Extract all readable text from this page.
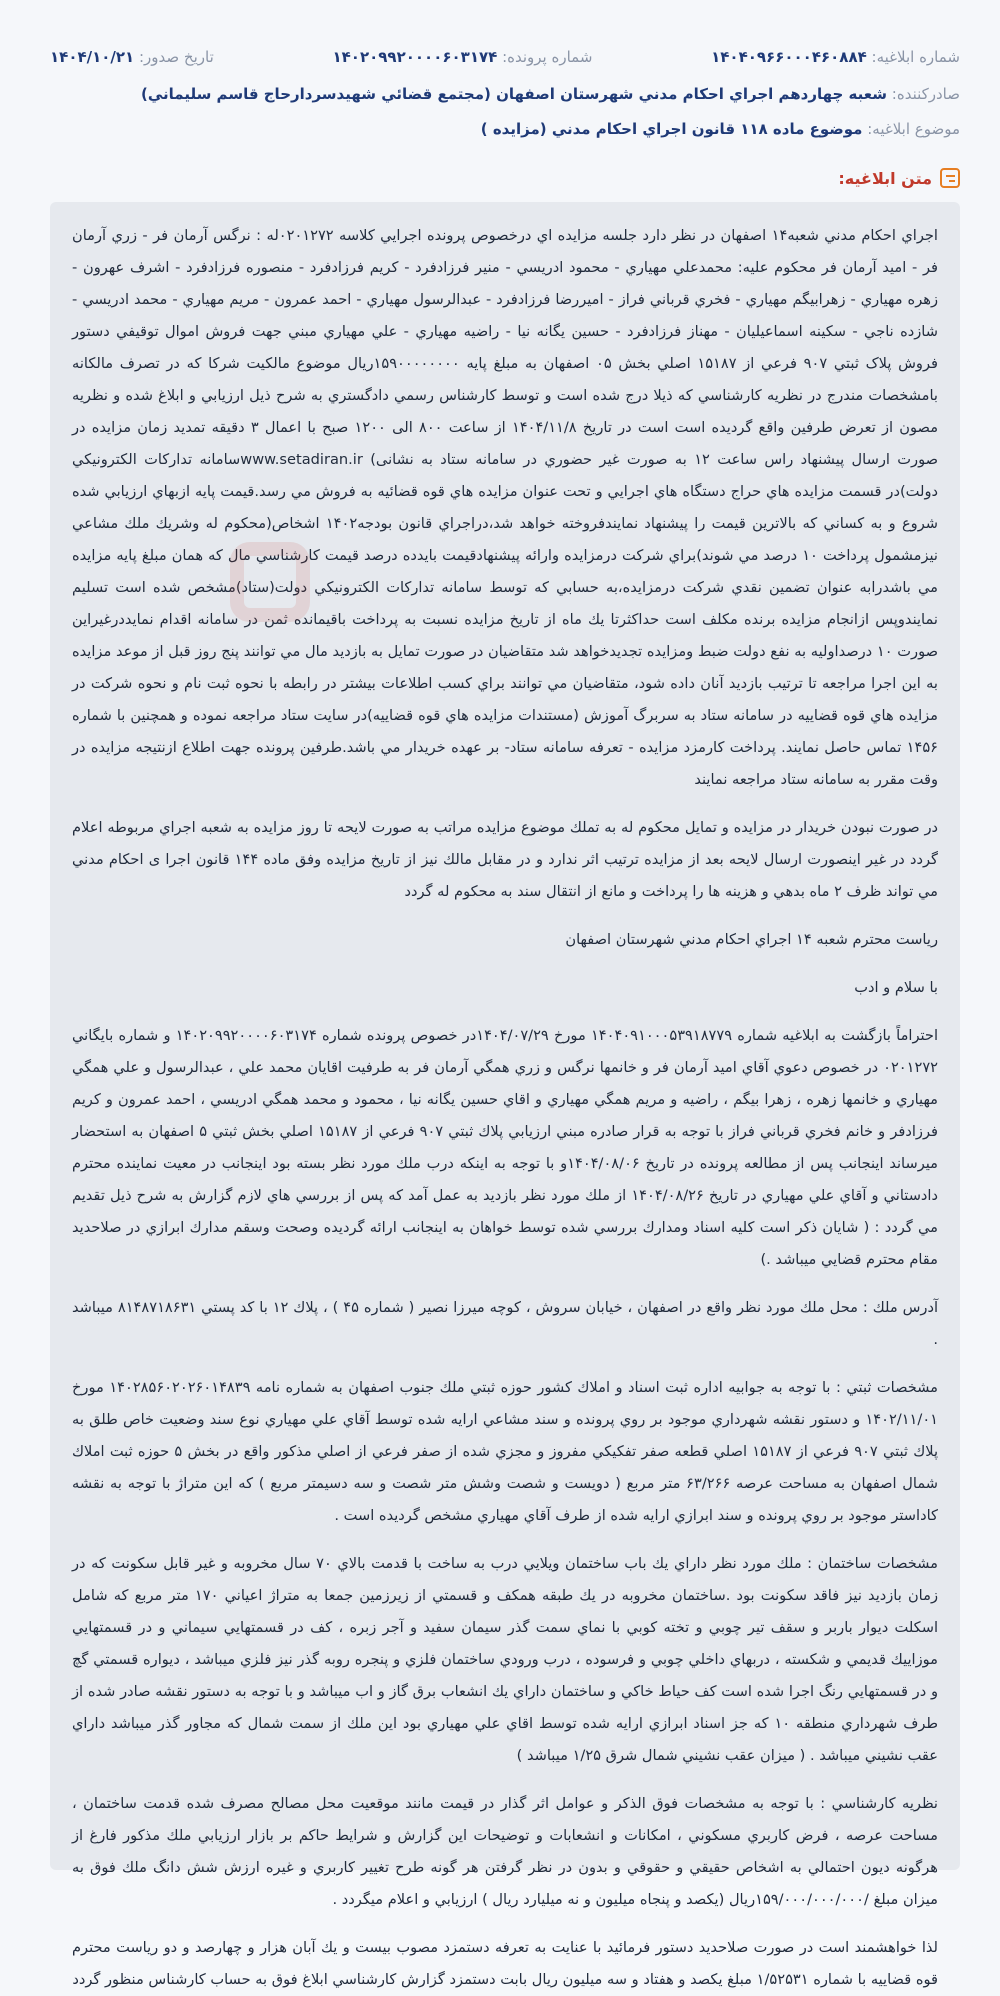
شماره ابلاغیه: ۱۴۰۴۰۹۶۶۰۰۰۴۶۰۸۸۴
شماره پرونده: ۱۴۰۲۰۹۹۲۰۰۰۰۶۰۳۱۷۴
تاریخ صدور: ۱۴۰۴/۱۰/۲۱
صادرکننده: شعبه چهاردهم اجراي احكام مدني شهرستان اصفهان (مجتمع قضائي شهيدسردارحاج قاسم سليماني)
موضوع ابلاغیه: موضوع ماده ۱۱۸ قانون اجراي احكام مدني (مزايده )
متن ابلاغیه:

اجراي احكام مدني شعبه۱۴ اصفهان در نظر دارد جلسه مزايده اي درخصوص پرونده اجرايي كلاسه ۰۲۰۱۲۷۲له : نرگس آرمان فر - زري آرمان فر - اميد آرمان فر محكوم عليه: محمدعلي مهياري - محمود ادريسي - منير فرزادفرد - كريم فرزادفرد - منصوره فرزادفرد - اشرف عهرون - زهره مهياري - زهرابيگم مهياري - فخري قرباني فراز - اميررضا فرزادفرد - عبدالرسول مهياري - احمد عمرون - مريم مهياري - محمد ادريسي - شازده ناجي - سكينه اسماعيليان - مهناز فرزادفرد - حسين يگانه نيا - راضيه مهياري - علي مهياري مبني جهت فروش اموال توقيفي دستور فروش پلاک ثبتي ۹۰۷ فرعي از ۱۵۱۸۷ اصلي بخش ۰۵ اصفهان به مبلغ پايه ۱۵۹۰۰۰۰۰۰۰۰ريال موضوع مالكيت شركا كه در تصرف مالكانه بامشخصات مندرج در نظريه كارشناسي كه ذيلا درج شده است و توسط كارشناس رسمي دادگستري به شرح ذيل ارزيابي و ابلاغ شده و نظريه مصون از تعرض طرفين واقع گرديده است است در تاريخ ۱۴۰۴/۱۱/۸ از ساعت ۸۰۰ الی ۱۲۰۰ صبح با اعمال ۳ دقيقه تمديد زمان مزايده در صورت ارسال پيشنهاد راس ساعت ۱۲ به صورت غير حضوري در سامانه ستاد به نشانی) www.setadiran.irسامانه تداركات الكترونيكي دولت)در قسمت مزايده هاي حراج دستگاه هاي اجرايي و تحت عنوان مزايده هاي قوه قضائيه به فروش مي رسد.قيمت پايه ازبهاي ارزيابي شده شروع و به كساني كه بالاترين قيمت را پيشنهاد نمايندفروخته خواهد شد،دراجراي قانون بودجه۱۴۰۲ اشخاص(محكوم له وشريك ملك مشاعي نيزمشمول پرداخت ۱۰ درصد مي شوند)براي شركت درمزايده وارائه پيشنهادقيمت بايدده درصد قيمت كارشناسي مال كه همان مبلغ پايه مزايده مي باشدرابه عنوان تضمين نقدي شركت درمزايده،به حسابي كه توسط سامانه تداركات الكترونيكي دولت(ستاد)مشخص شده است تسليم نمايندوپس ازانجام مزايده برنده مكلف است حداكثرتا يك ماه از تاريخ مزايده نسبت به پرداخت باقيمانده ثمن در سامانه اقدام نمايددرغيراين صورت ۱۰ درصداوليه به نفع دولت ضبط ومزايده تجديدخواهد شد متقاضيان در صورت تمايل به بازديد مال مي توانند پنج روز قبل از موعد مزايده به اين اجرا مراجعه تا ترتيب بازديد آنان داده شود، متقاضيان مي توانند براي كسب اطلاعات بيشتر در رابطه با نحوه ثبت نام و نحوه شركت در مزايده هاي قوه قضاييه در سامانه ستاد به سربرگ آموزش (مستندات مزايده هاي قوه قضاييه)در سايت ستاد مراجعه نموده و همچنين با شماره ۱۴۵۶ تماس حاصل نمايند. پرداخت كارمزد مزايده - تعرفه سامانه ستاد- بر عهده خريدار مي باشد.طرفين پرونده جهت اطلاع ازنتيجه مزايده در وقت مقرر به سامانه ستاد مراجعه نمايند

در صورت نبودن خريدار در مزايده و تمايل محكوم له به تملك موضوع مزايده مراتب به صورت لايحه تا روز مزايده به شعبه اجراي مربوطه اعلام گردد در غير اينصورت ارسال لايحه بعد از مزايده ترتيب اثر ندارد و در مقابل مالك نيز از تاريخ مزايده وفق ماده ۱۴۴ قانون اجرا ی احكام مدني مي تواند ظرف ۲ ماه بدهي و هزينه ها را پرداخت و مانع از انتقال سند به محكوم له گردد

رياست محترم شعبه ۱۴ اجراي احكام مدني شهرستان اصفهان

با سلام و ادب

احتراماً بازگشت به ابلاغيه شماره ۱۴۰۴۰۹۱۰۰۰۵۳۹۱۸۷۷۹ مورخ ۱۴۰۴/۰۷/۲۹در خصوص پرونده شماره ۱۴۰۲۰۹۹۲۰۰۰۰۶۰۳۱۷۴ و شماره بايگاني ۰۲۰۱۲۷۲ در خصوص دعوي آقاي اميد آرمان فر و خانمها نرگس و زري همگي آرمان فر به طرفيت اقايان محمد علي ، عبدالرسول و علي همگي مهياري و خانمها زهره ، زهرا بيگم ، راضيه و مريم همگي مهياري و اقاي حسين يگانه نيا ، محمود و محمد همگي ادريسي ، احمد عمرون و كريم فرزادفر و خانم فخري قرباني فراز با توجه به قرار صادره مبني ارزيابي پلاك ثبتي ۹۰۷ فرعي از ۱۵۱۸۷ اصلي بخش ثبتي ۵ اصفهان به استحضار ميرساند اينجانب پس از مطالعه پرونده در تاريخ ۱۴۰۴/۰۸/۰۶و با توجه به اينكه درب ملك مورد نظر بسته بود اينجانب در معيت نماينده محترم دادستاني و آقاي علي مهياري در تاريخ ۱۴۰۴/۰۸/۲۶ از ملك مورد نظر بازديد به عمل آمد كه پس از بررسي هاي لازم گزارش به شرح ذيل تقديم مي گردد : ( شايان ذكر است كليه اسناد ومدارك بررسي شده توسط خواهان به اينجانب ارائه گرديده وصحت وسقم مدارك ابرازي در صلاحديد مقام محترم قضايي ميباشد .)

آدرس ملك : محل ملك مورد نظر واقع در اصفهان ، خيابان سروش ، كوچه ميرزا نصير ( شماره ۴۵ ) ، پلاك ۱۲ با كد پستي ۸۱۴۸۷۱۸۶۳۱ ميباشد .

مشخصات ثبتي : با توجه به جوابيه اداره ثبت اسناد و املاك كشور حوزه ثبتي ملك جنوب اصفهان به شماره نامه ۱۴۰۲۸۵۶۰۲۰۲۶۰۱۴۸۳۹ مورخ ۱۴۰۲/۱۱/۰۱ و دستور نقشه شهرداري موجود بر روي پرونده و سند مشاعي ارايه شده توسط آقاي علي مهياري نوع سند وضعيت خاص طلق به پلاك ثبتي ۹۰۷ فرعي از ۱۵۱۸۷ اصلي قطعه صفر تفكيكي مفروز و مجزي شده از صفر فرعي از اصلي مذكور واقع در بخش ۵ حوزه ثبت املاك شمال اصفهان به مساحت عرصه ۶۳/۲۶۶ متر مربع ( دويست و شصت وشش متر شصت و سه دسيمتر مربع ) كه اين متراژ با توجه به نقشه كاداستر موجود بر روي پرونده و سند ابرازي ارايه شده از طرف آقاي مهياري مشخص گرديده است .

مشخصات ساختمان : ملك مورد نظر داراي يك باب ساختمان ويلايي درب به ساخت با قدمت بالاي ۷۰ سال مخروبه و غير قابل سكونت كه در زمان بازديد نيز فاقد سكونت بود .ساختمان مخروبه در يك طبقه همكف و قسمتي از زيرزمين جمعا به متراژ اعياني ۱۷۰ متر مربع كه شامل اسكلت ديوار باربر و سقف تير چوبي و تخته كوبي با نماي سمت گذر سيمان سفيد و آجر زبره ، كف در قسمتهايي سيماني و در قسمتهايي موزاييك قديمي و شكسته ، دربهاي داخلي چوبي و فرسوده ، درب ورودي ساختمان فلزي و پنجره روبه گذر نيز فلزي ميباشد ، ديواره قسمتي گچ و در قسمتهايي رنگ اجرا شده است كف حياط خاكي و ساختمان داراي يك انشعاب برق گاز و اب ميباشد و با توجه به دستور نقشه صادر شده از طرف شهرداري منطقه ۱۰ كه جز اسناد ابرازي ارايه شده توسط اقاي علي مهياري بود اين ملك از سمت شمال كه مجاور گذر ميباشد داراي عقب نشيني ميباشد . ( ميزان عقب نشيني شمال شرق ۱/۲۵ ميباشد )

نظريه كارشناسي : با توجه به مشخصات فوق الذكر و عوامل اثر گذار در قيمت مانند موقعيت محل مصالح مصرف شده قدمت ساختمان ، مساحت عرصه ، فرض كاربري مسكوني ، امكانات و انشعابات و توضيحات اين گزارش و شرايط حاكم بر بازار ارزيابي ملك مذكور فارغ از هرگونه ديون احتمالي به اشخاص حقيقي و حقوقي و بدون در نظر گرفتن هر گونه طرح تغيير كاربري و غيره ارزش شش دانگ ملك فوق به ميزان مبلغ /۱۵۹/۰۰۰/۰۰۰/۰۰۰ريال (يكصد و پنجاه ميليون و نه ميليارد ريال ) ارزيابي و اعلام ميگردد .

لذا خواهشمند است در صورت صلاحديد دستور فرمائيد با عنايت به تعرفه دستمزد مصوب بيست و يك آبان هزار و چهارصد و دو رياست محترم قوه قضاييه با شماره ۱/۵۲۵۳۱ مبلغ يكصد و هفتاد و سه ميليون ريال بابت دستمزد گزارش كارشناسي ابلاغ فوق به حساب كارشناس منظور گردد
